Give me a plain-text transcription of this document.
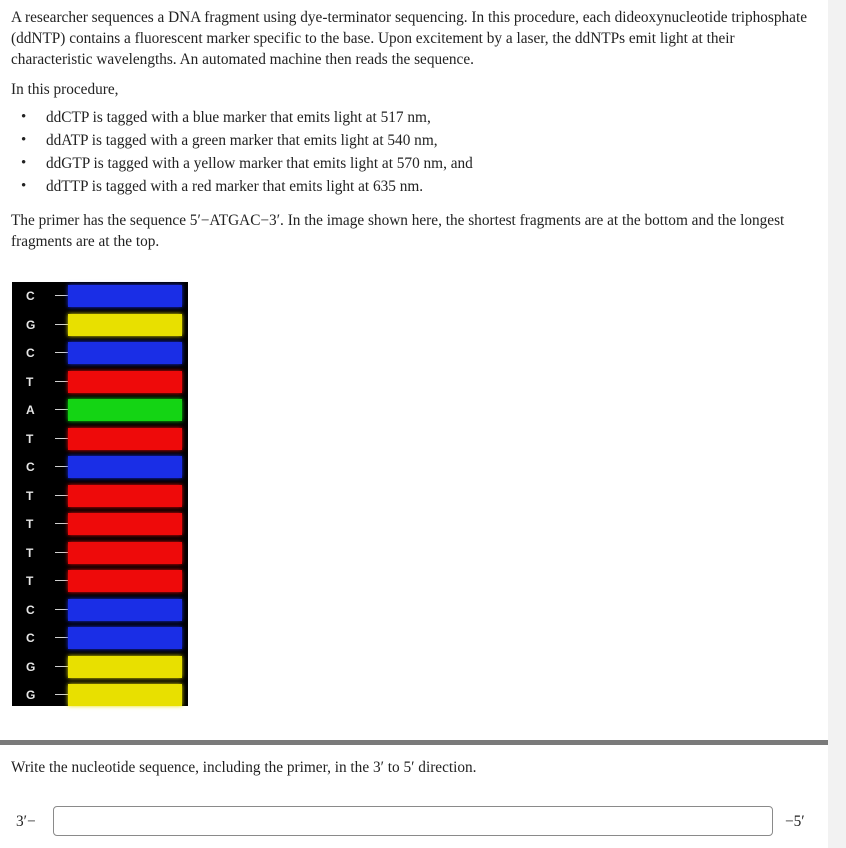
A researcher sequences a DNA fragment using dye-terminator sequencing. In this procedure, each dideoxynucleotide triphosphate (ddNTP) contains a fluorescent marker specific to the base. Upon excitement by a laser, the ddNTPs emit light at their characteristic wavelengths. An automated machine then reads the sequence.

In this procedure,

• ddCTP is tagged with a blue marker that emits light at 517 nm,
• ddATP is tagged with a green marker that emits light at 540 nm,
• ddGTP is tagged with a yellow marker that emits light at 570 nm, and
• ddTTP is tagged with a red marker that emits light at 635 nm.

The primer has the sequence 5′−ATGAC−3′. In the image shown here, the shortest fragments are at the bottom and the longest fragments are at the top.

C
G
C
T
A
T
C
T
T
T
T
C
C
G
G

Write the nucleotide sequence, including the primer, in the 3′ to 5′ direction.

3′−	−5′
